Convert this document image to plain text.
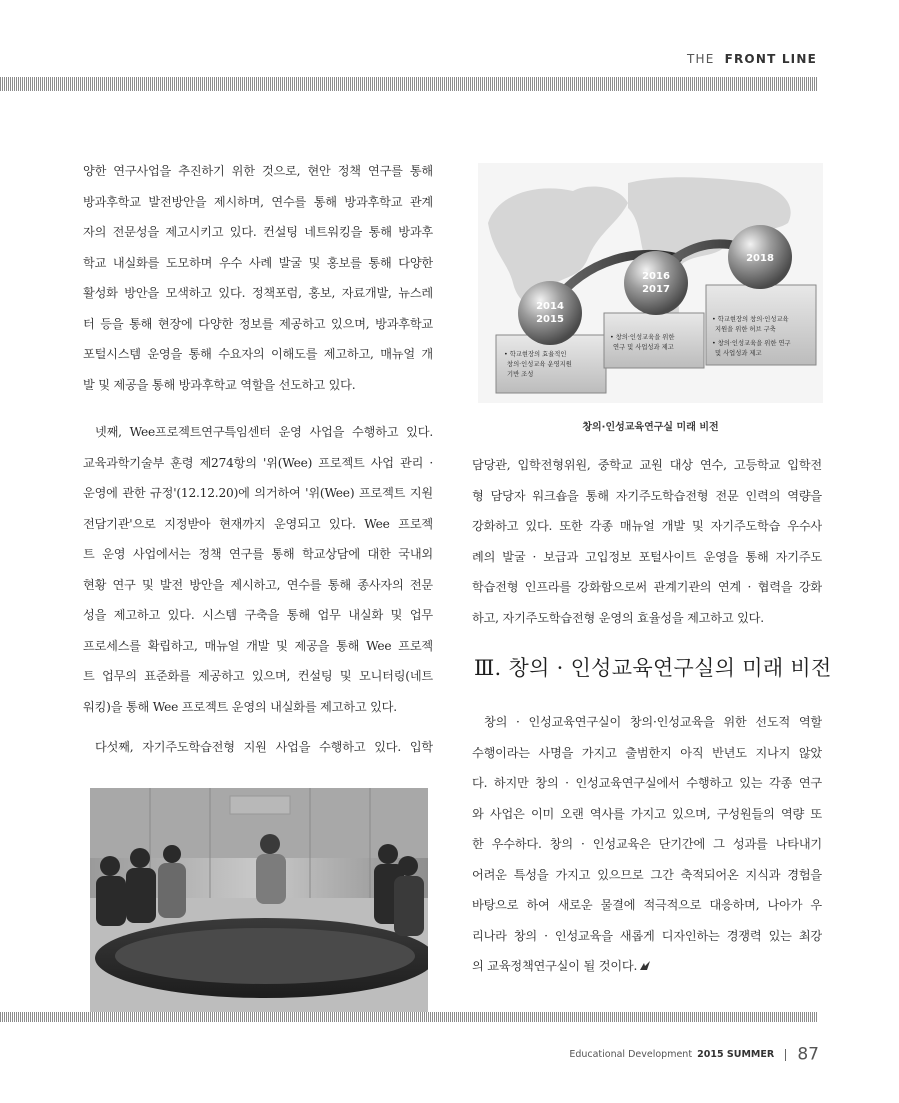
THE FRONT LINE
양한 연구사업을 추진하기 위한 것으로, 현안 정책 연구를 통해
방과후학교 발전방안을 제시하며, 연수를 통해 방과후학교 관계
자의 전문성을 제고시키고 있다. 컨설팅 네트워킹을 통해 방과후
학교 내실화를 도모하며 우수 사례 발굴 및 홍보를 통해 다양한
활성화 방안을 모색하고 있다. 정책포럼, 홍보, 자료개발, 뉴스레
터 등을 통해 현장에 다양한 정보를 제공하고 있으며, 방과후학교
포털시스템 운영을 통해 수요자의 이해도를 제고하고, 매뉴얼 개
발 및 제공을 통해 방과후학교 역할을 선도하고 있다.
넷째, Wee프로젝트연구특임센터 운영 사업을 수행하고 있다.
교육과학기술부 훈령 제274항의 '위(Wee) 프로젝트 사업 관리 ·
운영에 관한 규정'(12.12.20)에 의거하여 '위(Wee) 프로젝트 지원
전담기관'으로 지정받아 현재까지 운영되고 있다. Wee 프로젝
트 운영 사업에서는 정책 연구를 통해 학교상담에 대한 국내외
현황 연구 및 발전 방안을 제시하고, 연수를 통해 종사자의 전문
성을 제고하고 있다. 시스템 구축을 통해 업무 내실화 및 업무
프로세스를 확립하고, 매뉴얼 개발 및 제공을 통해 Wee 프로젝
트 업무의 표준화를 제공하고 있으며, 컨설팅 및 모니터링(네트
워킹)을 통해 Wee 프로젝트 운영의 내실화를 제고하고 있다.
다섯째, 자기주도학습전형 지원 사업을 수행하고 있다. 입학
2014
2015
2016
2017
2018
• 학교현장의 효율적인
창의·인성교육 운영지원
기반 조성
• 창의·인성교육을 위한
연구 및 사업성과 제고
• 학교현장의 창의·인성교육
지원을 위한 허브 구축
• 창의·인성교육을 위한 연구
및 사업성과 제고
창의·인성교육연구실 미래 비전
담당관, 입학전형위원, 중학교 교원 대상 연수, 고등학교 입학전
형 담당자 워크숍을 통해 자기주도학습전형 전문 인력의 역량을
강화하고 있다. 또한 각종 매뉴얼 개발 및 자기주도학습 우수사
례의 발굴 · 보급과 고입정보 포털사이트 운영을 통해 자기주도
학습전형 인프라를 강화함으로써 관계기관의 연계 · 협력을 강화
하고, 자기주도학습전형 운영의 효율성을 제고하고 있다.
Ⅲ. 창의 · 인성교육연구실의 미래 비전
창의 · 인성교육연구실이 창의·인성교육을 위한 선도적 역할
수행이라는 사명을 가지고 출범한지 아직 반년도 지나지 않았
다. 하지만 창의 · 인성교육연구실에서 수행하고 있는 각종 연구
와 사업은 이미 오랜 역사를 가지고 있으며, 구성원들의 역량 또
한 우수하다. 창의 · 인성교육은 단기간에 그 성과를 나타내기
어려운 특성을 가지고 있으므로 그간 축적되어온 지식과 경험을
바탕으로 하여 새로운 물결에 적극적으로 대응하며, 나아가 우
리나라 창의 · 인성교육을 새롭게 디자인하는 경쟁력 있는 최강
의 교육정책연구실이 될 것이다.
Educational Development 2015 SUMMER 87
